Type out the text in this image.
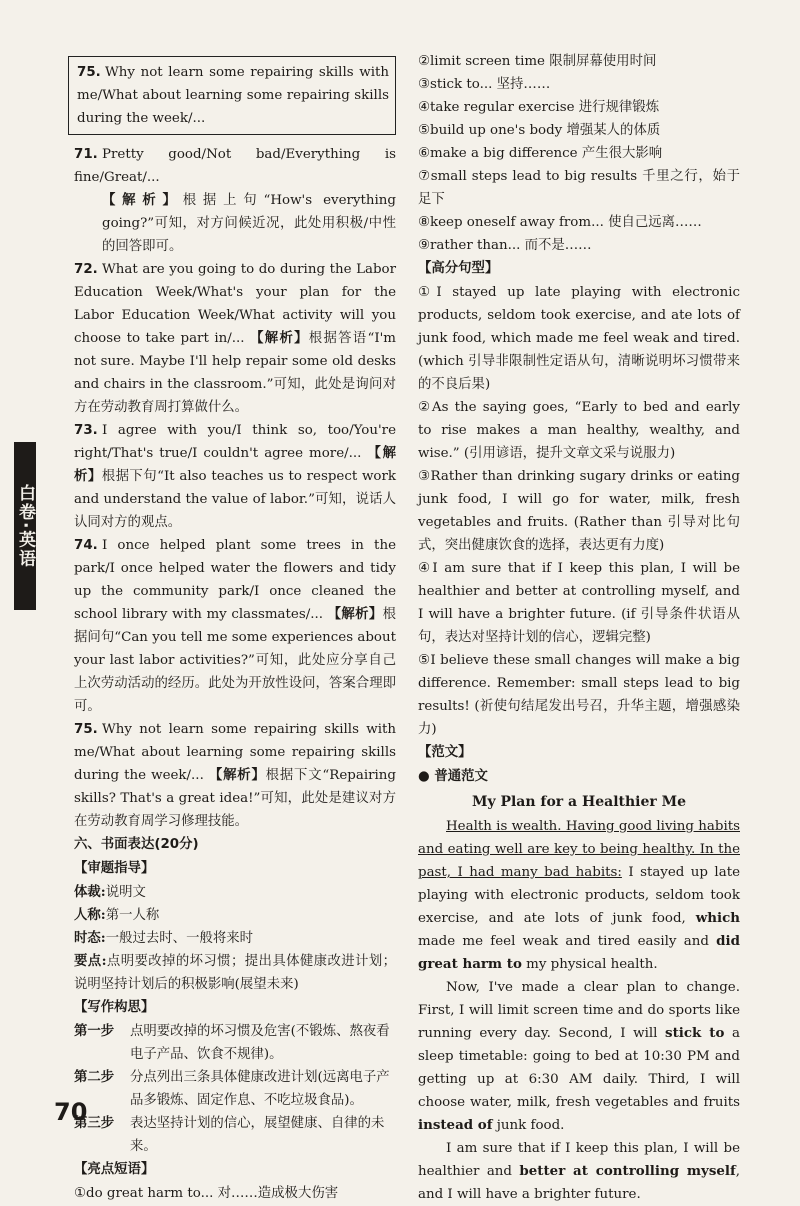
白卷·英语

75. Why not learn some repairing skills with me/What about learning some repairing skills during the week/...

71. Pretty good/Not bad/Everything is fine/Great/...

【解析】根据上句“How's everything going?”可知，对方问候近况，此处用积极/中性的回答即可。

72. What are you going to do during the Labor Education Week/What's your plan for the Labor Education Week/What activity will you choose to take part in/... 【解析】根据答语“I'm not sure. Maybe I'll help repair some old desks and chairs in the classroom.”可知，此处是询问对方在劳动教育周打算做什么。

73. I agree with you/I think so, too/You're right/That's true/I couldn't agree more/... 【解析】根据下句“It also teaches us to respect work and understand the value of labor.”可知，说话人认同对方的观点。

74. I once helped plant some trees in the park/I once helped water the flowers and tidy up the community park/I once cleaned the school library with my classmates/... 【解析】根据问句“Can you tell me some experiences about your last labor activities?”可知，此处应分享自己上次劳动活动的经历。此处为开放性设问，答案合理即可。

75. Why not learn some repairing skills with me/What about learning some repairing skills during the week/... 【解析】根据下文“Repairing skills? That's a great idea!”可知，此处是建议对方在劳动教育周学习修理技能。

六、书面表达(20分)
【审题指导】

体裁:说明文

人称:第一人称

时态:一般过去时、一般将来时

要点:点明要改掉的坏习惯；提出具体健康改进计划；说明坚持计划后的积极影响(展望未来)

【写作构思】
第一步	点明要改掉的坏习惯及危害(不锻炼、熬夜看电子产品、饮食不规律)。
第二步	分点列出三条具体健康改进计划(远离电子产品多锻炼、固定作息、不吃垃圾食品)。
第三步	表达坚持计划的信心，展望健康、自律的未来。
【亮点短语】

①do great harm to... 对……造成极大伤害

②limit screen time 限制屏幕使用时间

③stick to... 坚持……

④take regular exercise 进行规律锻炼

⑤build up one's body 增强某人的体质

⑥make a big difference 产生很大影响

⑦small steps lead to big results 千里之行，始于足下

⑧keep oneself away from... 使自己远离……

⑨rather than... 而不是……

【高分句型】

①I stayed up late playing with electronic products, seldom took exercise, and ate lots of junk food, which made me feel weak and tired. (which 引导非限制性定语从句，清晰说明坏习惯带来的不良后果)

②As the saying goes, “Early to bed and early to rise makes a man healthy, wealthy, and wise.” (引用谚语，提升文章文采与说服力)

③Rather than drinking sugary drinks or eating junk food, I will go for water, milk, fresh vegetables and fruits. (Rather than 引导对比句式，突出健康饮食的选择，表达更有力度)

④I am sure that if I keep this plan, I will be healthier and better at controlling myself, and I will have a brighter future. (if 引导条件状语从句，表达对坚持计划的信心，逻辑完整)

⑤I believe these small changes will make a big difference. Remember: small steps lead to big results! (祈使句结尾发出号召，升华主题，增强感染力)

【范文】
● 普通范文
My Plan for a Healthier Me

Health is wealth. Having good living habits and eating well are key to being healthy. In the past, I had many bad habits: I stayed up late playing with electronic products, seldom took exercise, and ate lots of junk food, which made me feel weak and tired easily and did great harm to my physical health.

Now, I've made a clear plan to change. First, I will limit screen time and do sports like running every day. Second, I will stick to a sleep timetable: going to bed at 10:30 PM and getting up at 6:30 AM daily. Third, I will choose water, milk, fresh vegetables and fruits instead of junk food.

I am sure that if I keep this plan, I will be healthier and better at controlling myself, and I will have a brighter future.

70
